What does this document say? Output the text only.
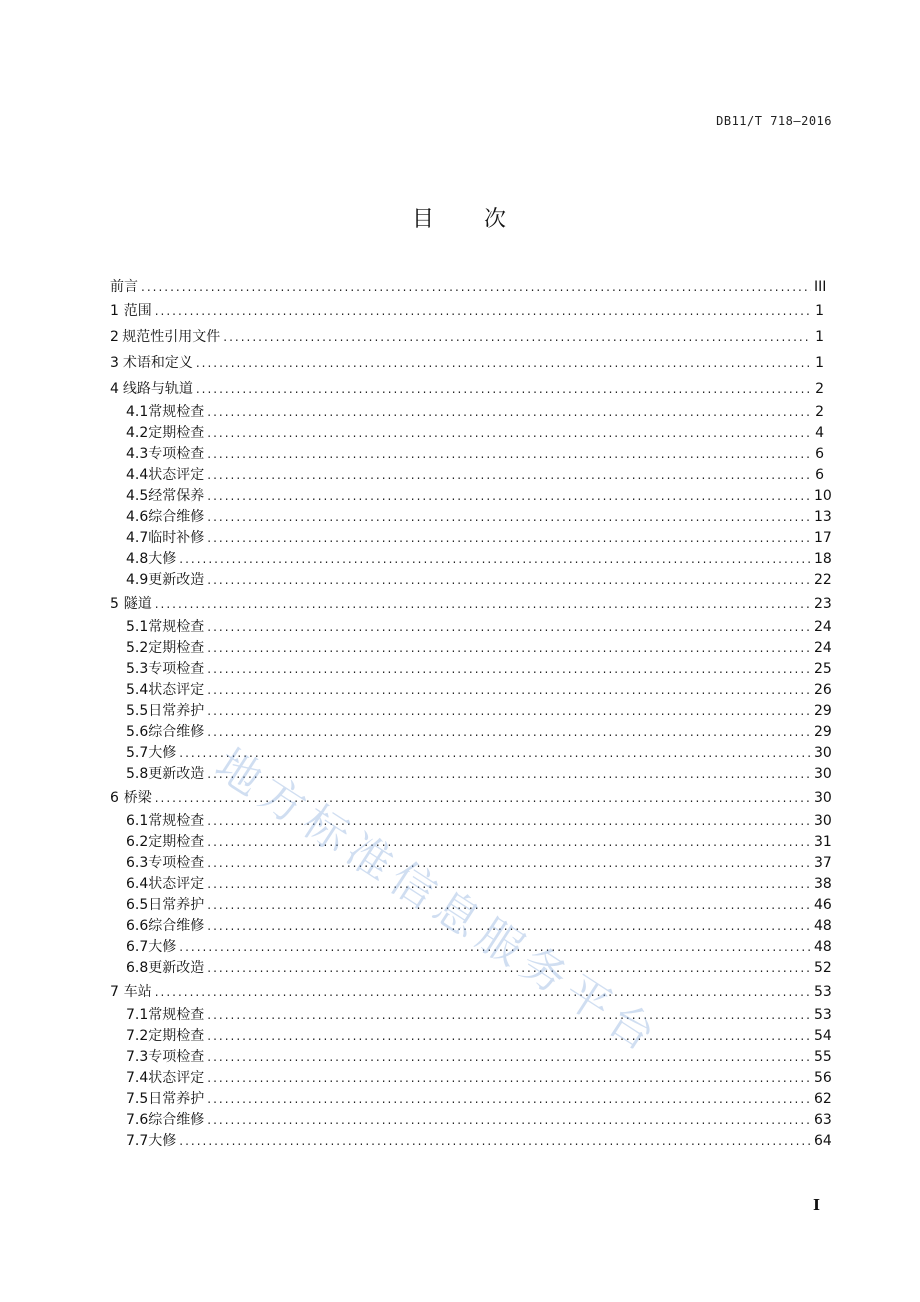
DB11/T 718—2016
目 次
前言 .....	III
1 范围 .....	1
2 规范性引用文件 .....	1
3 术语和定义 .....	1
4 线路与轨道 .....	2
4.1 常规检查 .....	2
4.2 定期检查 .....	4
4.3 专项检查 .....	6
4.4 状态评定 .....	6
4.5 经常保养 .....	10
4.6 综合维修 .....	13
4.7 临时补修 .....	17
4.8 大修 .....	18
4.9 更新改造 .....	22
5 隧道 .....	23
5.1 常规检查 .....	24
5.2 定期检查 .....	24
5.3 专项检查 .....	25
5.4 状态评定 .....	26
5.5 日常养护 .....	29
5.6 综合维修 .....	29
5.7 大修 .....	30
5.8 更新改造 .....	30
6 桥梁 .....	30
6.1 常规检查 .....	30
6.2 定期检查 .....	31
6.3 专项检查 .....	37
6.4 状态评定 .....	38
6.5 日常养护 .....	46
6.6 综合维修 .....	48
6.7 大修 .....	48
6.8 更新改造 .....	52
7 车站 .....	53
7.1 常规检查 .....	53
7.2 定期检查 .....	54
7.3 专项检查 .....	55
7.4 状态评定 .....	56
7.5 日常养护 .....	62
7.6 综合维修 .....	63
7.7 大修 .....	64
地方标准信息服务平台
I
